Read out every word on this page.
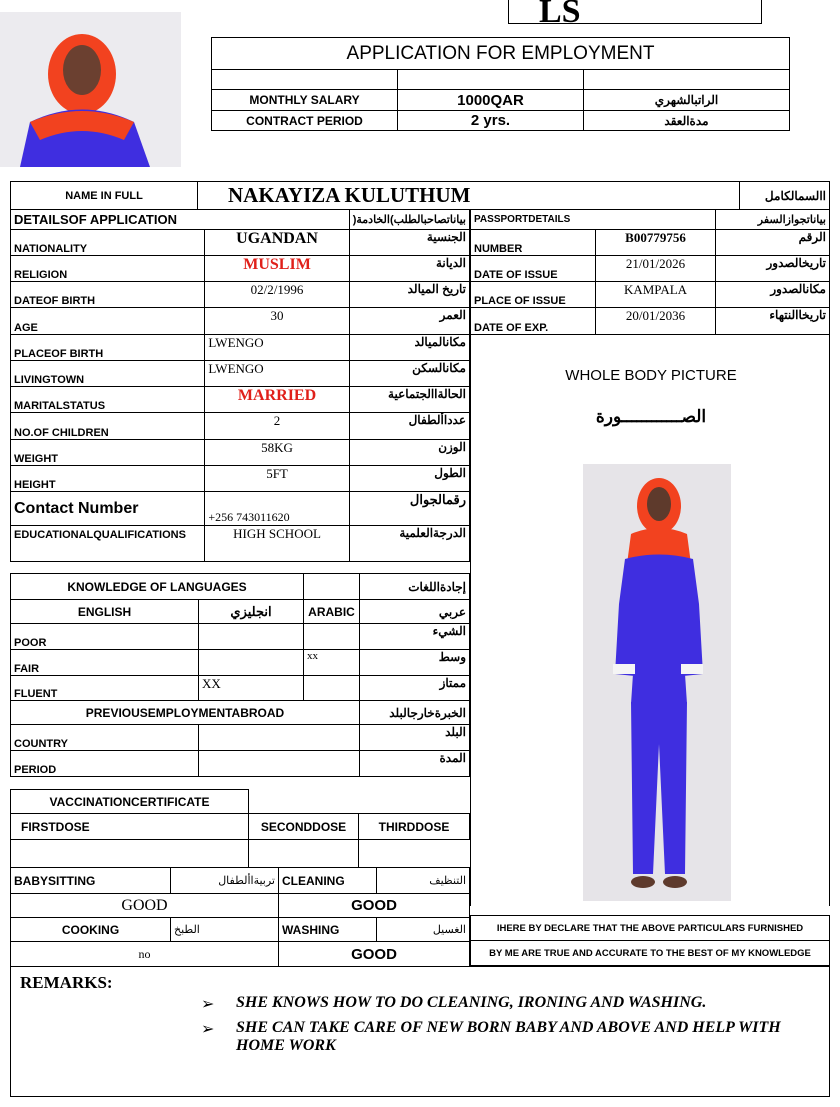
LS
APPLICATION FOR EMPLOYMENT		

MONTHLY SALARY	1000QAR	الراتبالشهري
CONTRACT PERIOD	2 yrs.	مدةالعقد
NAME IN FULL	NAKAYIZA KULUTHUM	االسمالكامل
DETAILSOF APPLICATION		بياناتصاحبالطلب)الخادمة(
NATIONALITY	UGANDAN	الجنسية
RELIGION	MUSLIM	الديانة
DATEOF BIRTH	02/2/1996	تاريخ الميالد
AGE	30	العمر
PLACEOF BIRTH	LWENGO	مكانالميالد
LIVINGTOWN	LWENGO	مكانالسكن
MARITALSTATUS	MARRIED	الحالةاالجتماعية
NO.OF CHILDREN	2	عدداألطفال
WEIGHT	58KG	الوزن
HEIGHT	5FT	الطول
Contact Number	+256 743011620	رقمالجوال
EDUCATIONALQUALIFICATIONS	HIGH SCHOOL	الدرجةالعلمية
PASSPORTDETAILS		بياناتجوازالسفر
NUMBER	B00779756	الرقم
DATE OF ISSUE	21/01/2026	تاريخالصدور
PLACE OF ISSUE	KAMPALA	مكانالصدور
DATE OF EXP.	20/01/2036	تاريخاالنتهاء
WHOLE BODY PICTURE
الصــــــــــــورة
KNOWLEDGE OF LANGUAGES			إجادةاللغات
ENGLISH	انجليزي	ARABIC	عربي
POOR			الشيء
FAIR		xx	وسط
FLUENT	XX		ممتاز
PREVIOUSEMPLOYMENTABROAD			الخبرةخارجالبلد
COUNTRY			البلد
PERIOD			المدة
VACCINATIONCERTIFICATE		
FIRSTDOSE	SECONDDOSE	THIRDDOSE

BABYSITTING	تربيةاألطفال	CLEANING	التنظيف
GOOD		GOOD	
COOKING	الطبخ	WASHING	الغسيل
no		GOOD	
IHERE BY DECLARE THAT THE ABOVE PARTICULARS FURNISHED
BY ME ARE TRUE AND ACCURATE TO THE BEST OF MY KNOWLEDGE
REMARKS:
➢ SHE KNOWS HOW TO DO CLEANING, IRONING AND WASHING.
➢ SHE CAN TAKE CARE OF NEW BORN BABY AND ABOVE AND HELP WITH HOME WORK
